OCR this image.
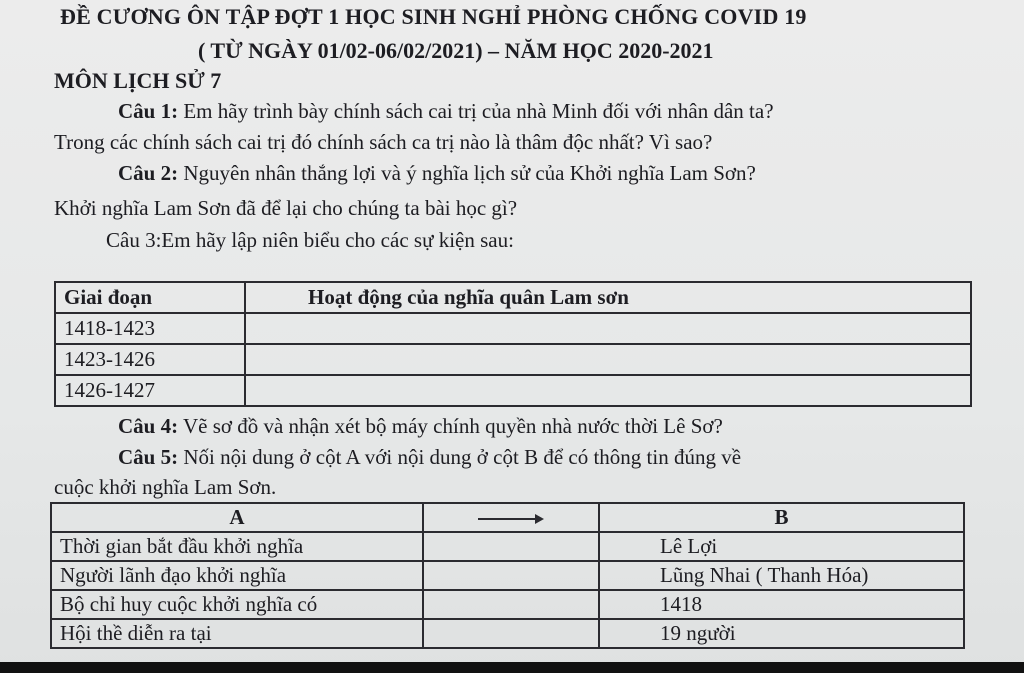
ĐỀ CƯƠNG ÔN TẬP ĐỢT 1 HỌC SINH NGHỈ PHÒNG CHỐNG COVID 19
( TỪ NGÀY 01/02-06/02/2021) – NĂM HỌC 2020-2021
MÔN LỊCH SỬ 7
Câu 1: Em hãy trình bày chính sách cai trị của nhà Minh đối với nhân dân ta?
Trong các chính sách cai trị đó chính sách ca trị nào là thâm độc nhất? Vì sao?
Câu 2: Nguyên nhân thắng lợi và ý nghĩa lịch sử của Khởi nghĩa Lam Sơn?
Khởi nghĩa Lam Sơn đã để lại cho chúng ta bài học gì?
Câu 3:Em hãy lập niên biểu cho các sự kiện sau:
Giai đoạn	Hoạt động của nghĩa quân Lam sơn
1418-1423	
1423-1426	
1426-1427	
Câu 4: Vẽ sơ đồ và nhận xét bộ máy chính quyền nhà nước thời Lê Sơ?
Câu 5: Nối nội dung ở cột A với nội dung ở cột B để có thông tin đúng về
cuộc khởi nghĩa Lam Sơn.
A		B
Thời gian bắt đầu khởi nghĩa		Lê Lợi
Người lãnh đạo khởi nghĩa		Lũng Nhai ( Thanh Hóa)
Bộ chỉ huy cuộc khởi nghĩa có		1418
Hội thề diễn ra tại		19 người
